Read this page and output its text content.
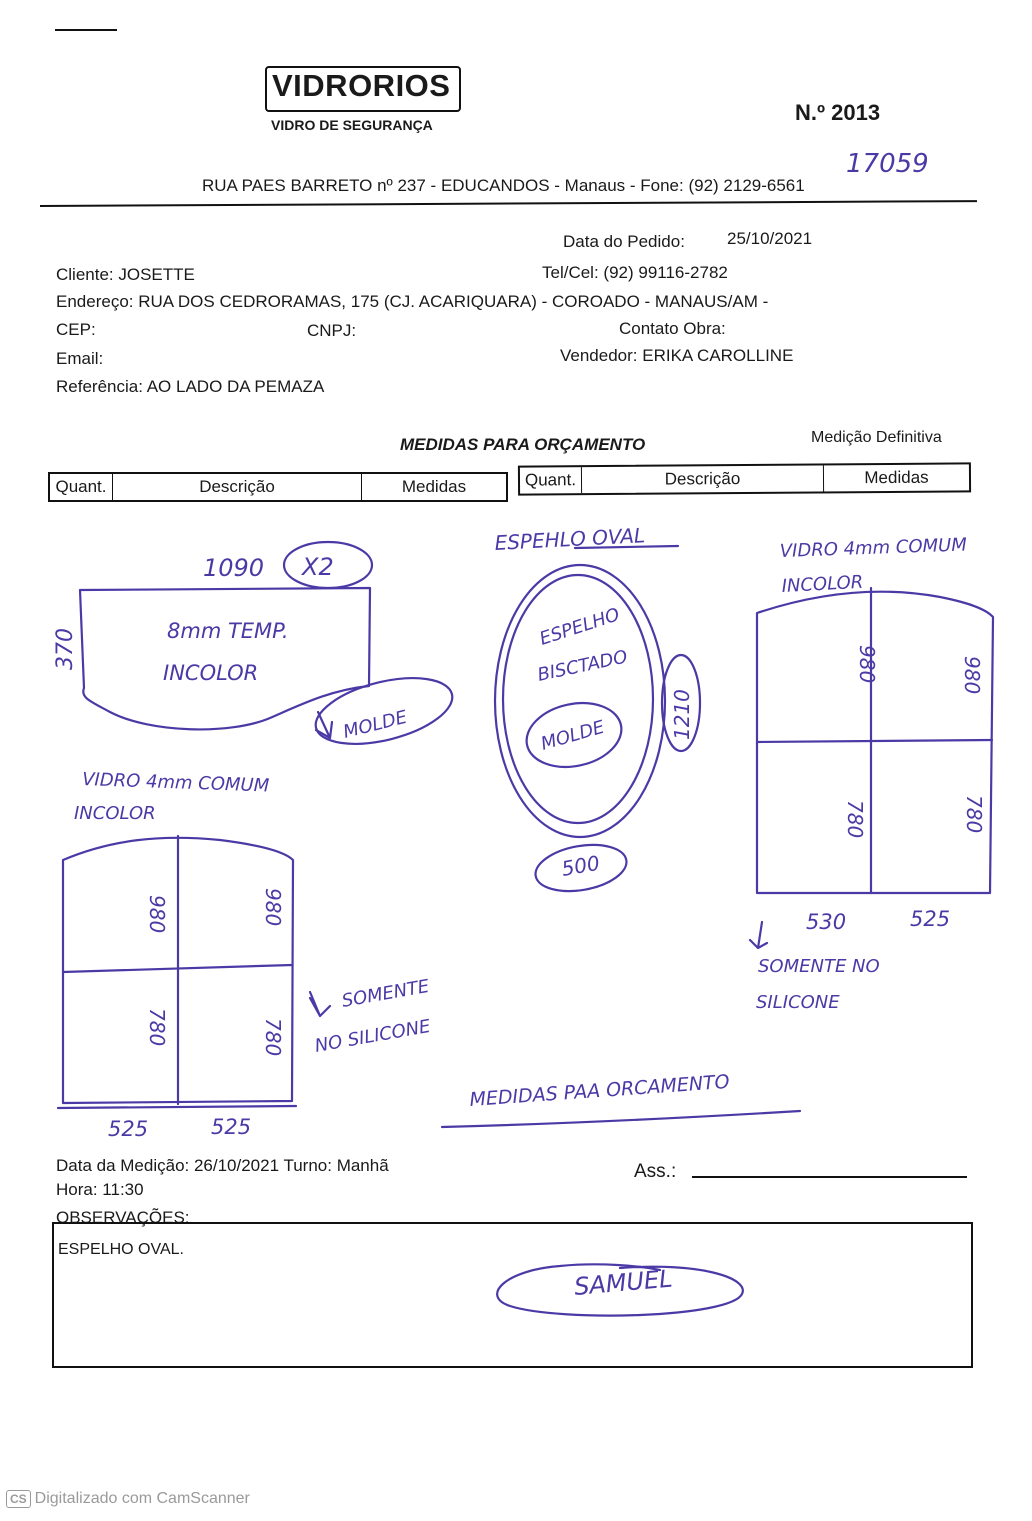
VIDRORIOS
VIDRO DE SEGURANÇA	N.º 2013
RUA PAES BARRETO nº 237 - EDUCANDOS - Manaus - Fone: (92) 2129-6561
Data do Pedido: 25/10/2021
Cliente: JOSETTE	Tel/Cel: (92) 99116-2782
Endereço: RUA DOS CEDRORAMAS, 175 (CJ. ACARIQUARA) - COROADO - MANAUS/AM -
CEP:	CNPJ:	Contato Obra:
Email:	Vendedor: ERIKA CAROLLINE
Referência: AO LADO DA PEMAZA
MEDIDAS PARA ORÇAMENTO	Medição Definitiva
Quant.	Descrição	Medidas	Quant.	Descrição	Medidas
17059
1090 X2
370	8mm TEMP.
INCOLOR
MOLDE
ESPEHLO OVAL
ESPELHO
BISCTADO
MOLDE	1210
500
VIDRO 4mm COMUM
INCOLOR
980	980
780	780
530	525
SOMENTE NO
SILICONE
VIDRO 4mm COMUM
INCOLOR
980	980
780	780
525	525
SOMENTE
NO SILICONE
MEDIDAS PAA ORCAMENTO
SAMUEL
Data da Medição: 26/10/2021 Turno: Manhã
Hora: 11:30
Ass.:
OBSERVAÇÕES:
ESPELHO OVAL.
CS Digitalizado com CamScanner
